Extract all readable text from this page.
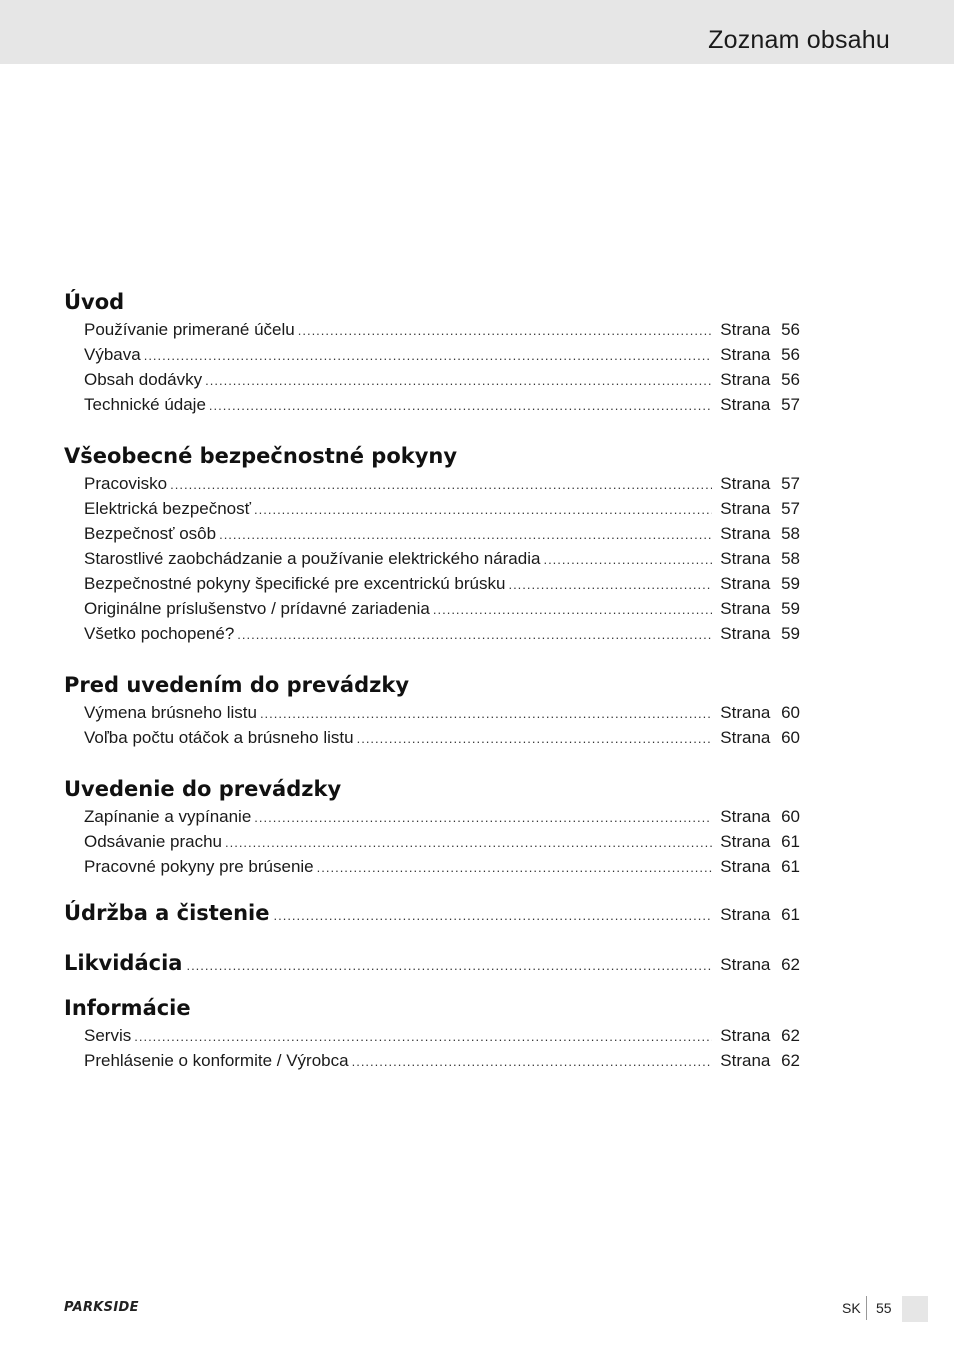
Zoznam obsahu
Úvod
Používanie primerané účelu .....	Strana 56
Výbava .....	Strana 56
Obsah dodávky .....	Strana 56
Technické údaje .....	Strana 57
Všeobecné bezpečnostné pokyny
Pracovisko .....	Strana 57
Elektrická bezpečnosť .....	Strana 57
Bezpečnosť osôb .....	Strana 58
Starostlivé zaobchádzanie a používanie elektrického náradia .....	Strana 58
Bezpečnostné pokyny špecifické pre excentrickú brúsku .....	Strana 59
Originálne príslušenstvo / prídavné zariadenia .....	Strana 59
Všetko pochopené? .....	Strana 59
Pred uvedením do prevádzky
Výmena brúsneho listu .....	Strana 60
Voľba počtu otáčok a brúsneho listu .....	Strana 60
Uvedenie do prevádzky
Zapínanie a vypínanie .....	Strana 60
Odsávanie prachu .....	Strana 61
Pracovné pokyny pre brúsenie .....	Strana 61
Údržba a čistenie .....	Strana 61
Likvidácia .....	Strana 62
Informácie
Servis .....	Strana 62
Prehlásenie o konformite / Výrobca .....	Strana 62
PARKSIDE	SK 55
